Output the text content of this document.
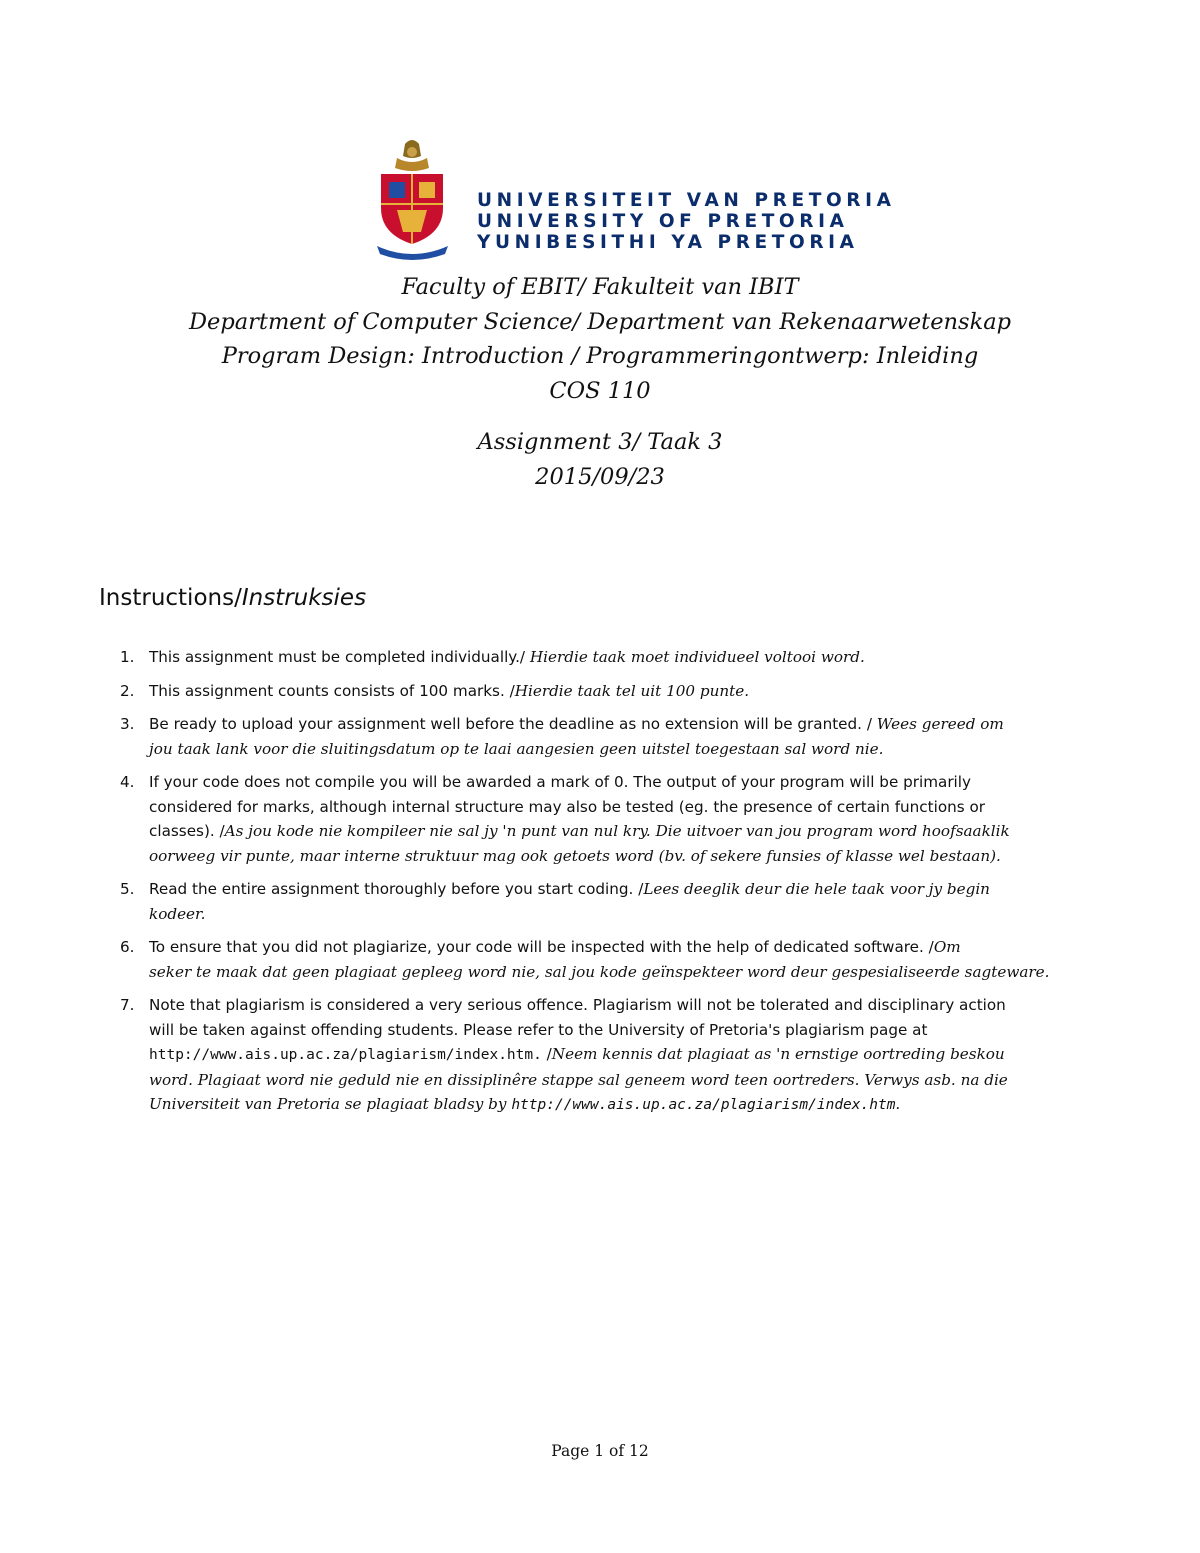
UNIVERSITEIT VAN PRETORIA
UNIVERSITY OF PRETORIA
YUNIBESITHI YA PRETORIA
Faculty of EBIT/ Fakulteit van IBIT
Department of Computer Science/ Department van Rekenaarwetenskap
Program Design: Introduction / Programmeringontwerp: Inleiding
COS 110
Assignment 3/ Taak 3
2015/09/23
Instructions/Instruksies
1. This assignment must be completed individually./ Hierdie taak moet individueel voltooi word.
2. This assignment counts consists of 100 marks. /Hierdie taak tel uit 100 punte.
3. Be ready to upload your assignment well before the deadline as no extension will be granted. / Wees gereed om
jou taak lank voor die sluitingsdatum op te laai aangesien geen uitstel toegestaan sal word nie.
4. If your code does not compile you will be awarded a mark of 0. The output of your program will be primarily
considered for marks, although internal structure may also be tested (eg. the presence of certain functions or
classes). /As jou kode nie kompileer nie sal jy 'n punt van nul kry. Die uitvoer van jou program word hoofsaaklik
oorweeg vir punte, maar interne struktuur mag ook getoets word (bv. of sekere funsies of klasse wel bestaan).
5. Read the entire assignment thoroughly before you start coding. /Lees deeglik deur die hele taak voor jy begin
kodeer.
6. To ensure that you did not plagiarize, your code will be inspected with the help of dedicated software. /Om
seker te maak dat geen plagiaat gepleeg word nie, sal jou kode geïnspekteer word deur gespesialiseerde sagteware.
7. Note that plagiarism is considered a very serious offence. Plagiarism will not be tolerated and disciplinary action
will be taken against offending students. Please refer to the University of Pretoria's plagiarism page at
http://www.ais.up.ac.za/plagiarism/index.htm. /Neem kennis dat plagiaat as 'n ernstige oortreding beskou
word. Plagiaat word nie geduld nie en dissiplinêre stappe sal geneem word teen oortreders. Verwys asb. na die
Universiteit van Pretoria se plagiaat bladsy by http://www.ais.up.ac.za/plagiarism/index.htm.
Page 1 of 12
